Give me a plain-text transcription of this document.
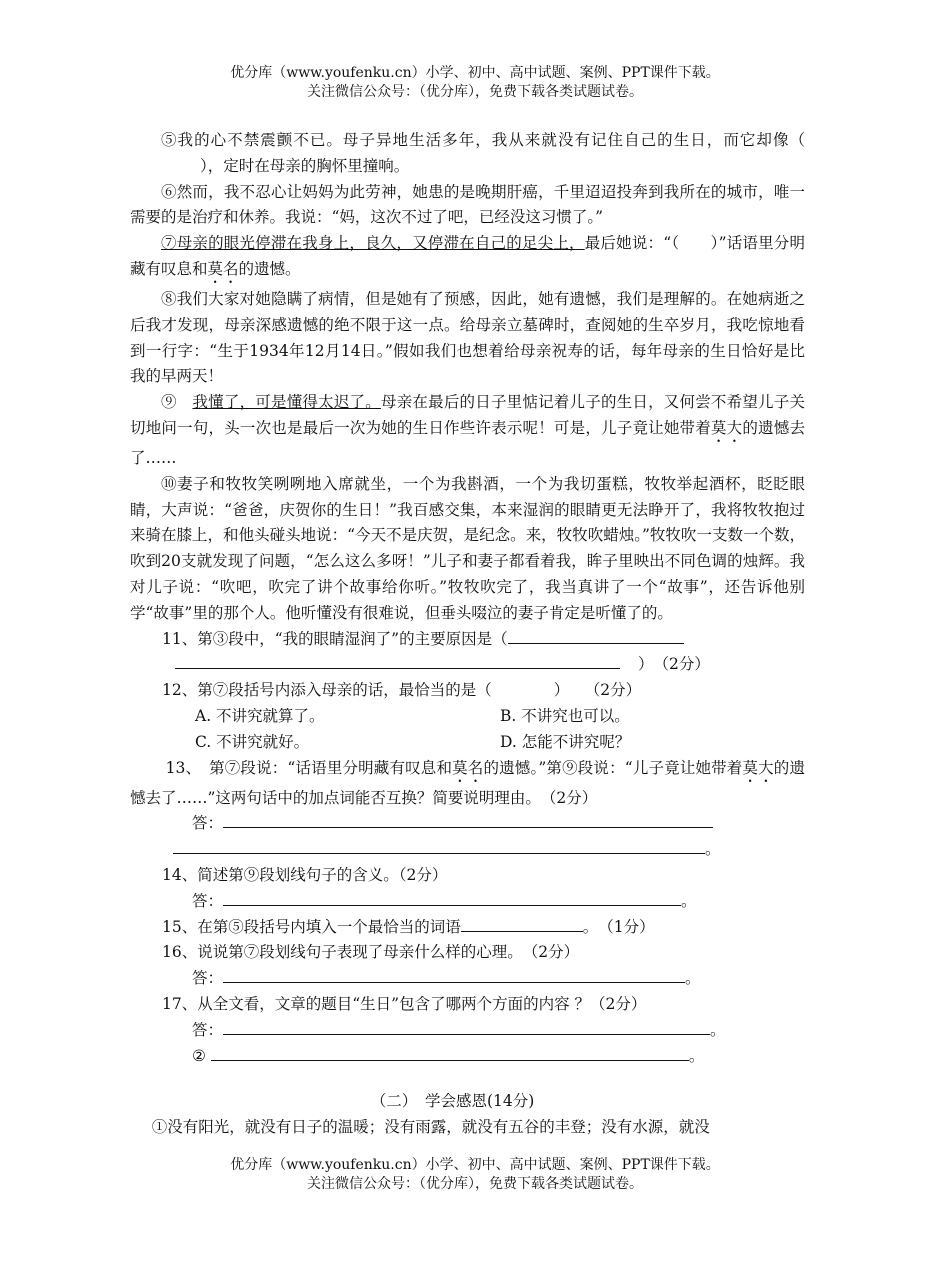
优分库（www.youfenku.cn）小学、初中、高中试题、案例、PPT课件下载。
关注微信公众号：（优分库），免费下载各类试题试卷。

⑤我的心不禁震颤不已。母子异地生活多年，我从来就没有记住自己的生日，而它却像（），定时在母亲的胸怀里撞响。

⑥然而，我不忍心让妈妈为此劳神，她患的是晚期肝癌，千里迢迢投奔到我所在的城市，唯一需要的是治疗和休养。我说：“妈，这次不过了吧，已经没这习惯了。”

⑦母亲的眼光停滞在我身上，良久，又停滞在自己的足尖上，最后她说：“（　　）”话语里分明藏有叹息和莫名的遗憾。

⑧我们大家对她隐瞒了病情，但是她有了预感，因此，她有遗憾，我们是理解的。在她病逝之后我才发现，母亲深感遗憾的绝不限于这一点。给母亲立墓碑时，查阅她的生卒岁月，我吃惊地看到一行字：“生于1934年12月14日。”假如我们也想着给母亲祝寿的话，每年母亲的生日恰好是比我的早两天！

⑨　 我懂了，可是懂得太迟了。母亲在最后的日子里惦记着儿子的生日，又何尝不希望儿子关切地问一句，头一次也是最后一次为她的生日作些许表示呢！可是，儿子竟让她带着莫大的遗憾去了……

⑩妻子和牧牧笑咧咧地入席就坐，一个为我斟酒，一个为我切蛋糕，牧牧举起酒杯，眨眨眼睛，大声说：“爸爸，庆贺你的生日！”我百感交集，本来湿润的眼睛更无法睁开了，我将牧牧抱过来骑在膝上，和他头碰头地说：“今天不是庆贺，是纪念。来，牧牧吹蜡烛。”牧牧吹一支数一个数，吹到20支就发现了问题，“怎么这么多呀！”儿子和妻子都看着我，眸子里映出不同色调的烛辉。我对儿子说：“吹吧，吹完了讲个故事给你听。”牧牧吹完了，我当真讲了一个“故事”，还告诉他别学“故事”里的那个人。他听懂没有很难说，但垂头啜泣的妻子肯定是听懂了的。

11、第③段中，“我的眼睛湿润了”的主要原因是（
）　（2分）
12、第⑦段括号内添入母亲的话，最恰当的是（　　　　）　　（2分）
A. 不讲究就算了。	B. 不讲究也可以。
C. 不讲究就好。	D. 怎能不讲究呢？

13、　第⑦段说：“话语里分明藏有叹息和莫名的遗憾。”第⑨段说：“儿子竟让她带着莫大的遗憾去了……”这两句话中的加点词能否互换？简要说明理由。　（2分）

答：
。
14、简述第⑨段划线句子的含义。（2分）
答：	。
15、在第⑤段括号内填入一个最恰当的词语	。　（1分）
16、说说第⑦段划线句子表现了母亲什么样的心理。　（2分）
答：	。
17、从全文看，文章的题目“生日”包含了哪两个方面的内容 ？（2分）
答：	。
②	。
（二）　学会感恩(14分)

①没有阳光，就没有日子的温暖；没有雨露，就没有五谷的丰登；没有水源，就没

优分库（www.youfenku.cn）小学、初中、高中试题、案例、PPT课件下载。
关注微信公众号：（优分库），免费下载各类试题试卷。
